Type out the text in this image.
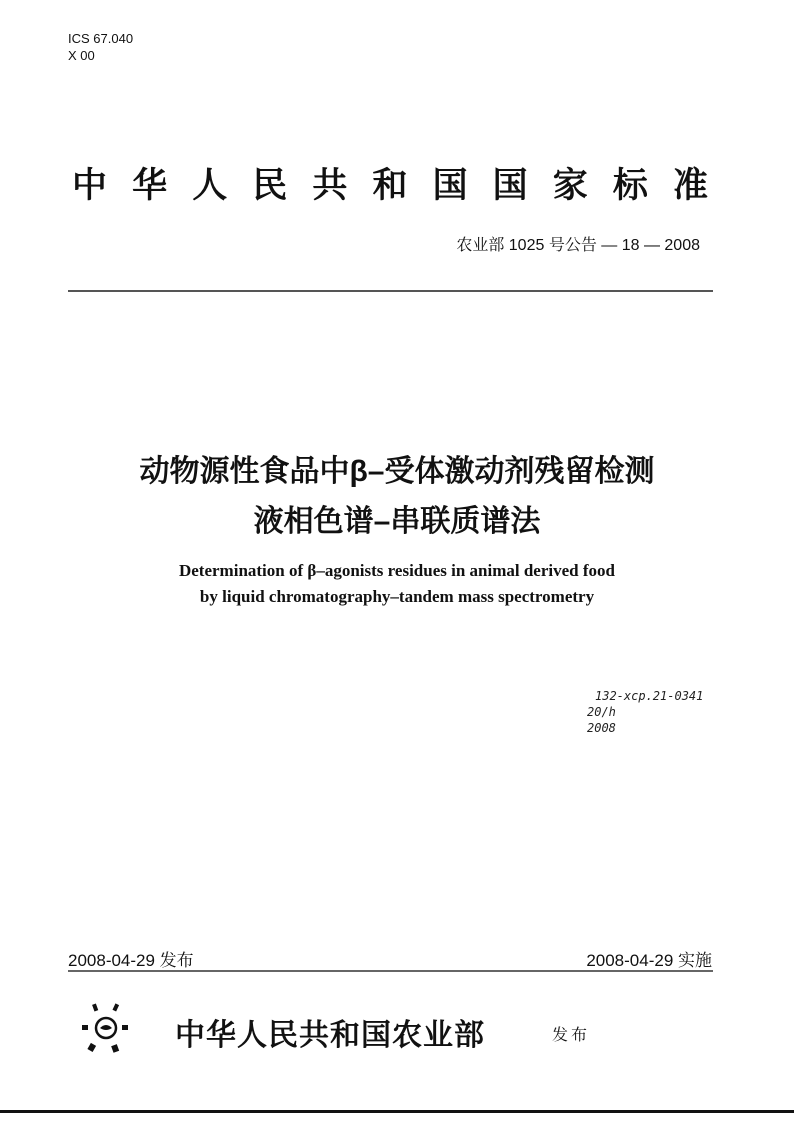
ICS 67.040
X 00
中 华 人 民 共 和 国 国 家 标 准
农业部 1025 号公告 — 18 — 2008
动物源性食品中β–受体激动剂残留检测
液相色谱–串联质谱法
Determination of β–agonists residues in animal derived food
by liquid chromatography–tandem mass spectrometry
132-xcp.21-0341
20/h
2008
2008-04-29 发布	2008-04-29 实施
中华人民共和国农业部	发布
